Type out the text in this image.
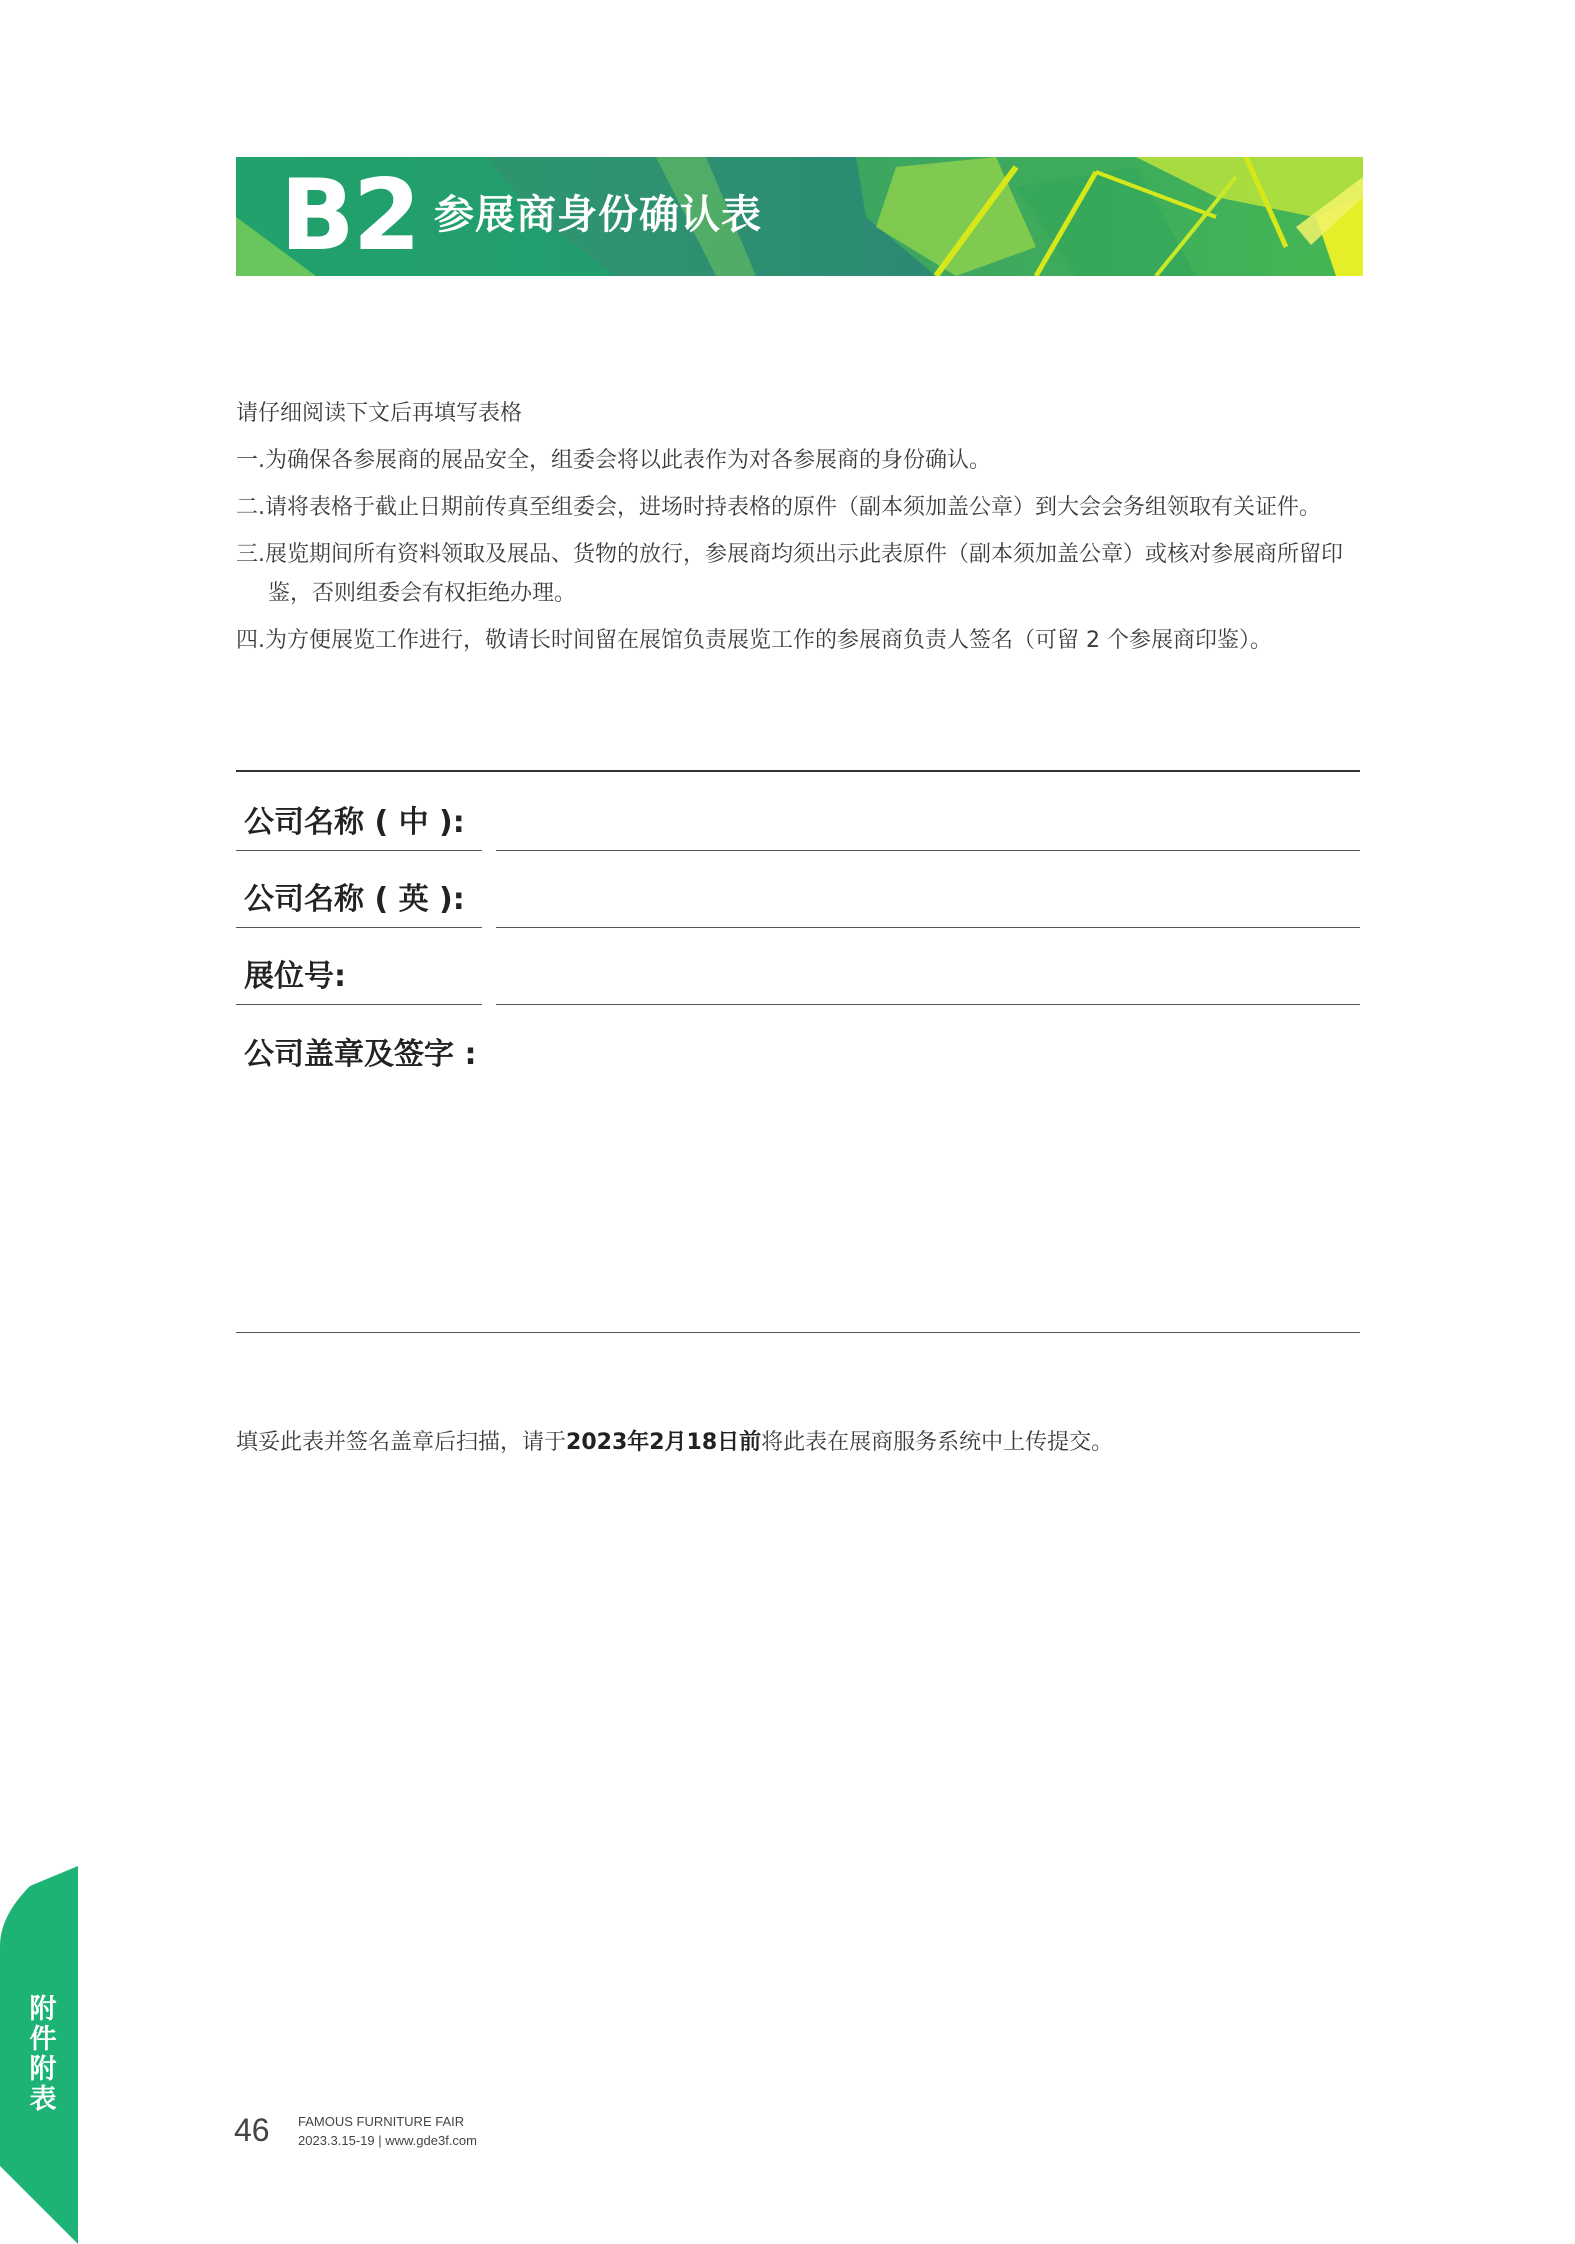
B2 参展商身份确认表

请仔细阅读下文后再填写表格

一.为确保各参展商的展品安全，组委会将以此表作为对各参展商的身份确认。

二.请将表格于截止日期前传真至组委会，进场时持表格的原件（副本须加盖公章）到大会会务组领取有关证件。

三.展览期间所有资料领取及展品、货物的放行，参展商均须出示此表原件（副本须加盖公章）或核对参展商所留印鉴，否则组委会有权拒绝办理。

四.为方便展览工作进行，敬请长时间留在展馆负责展览工作的参展商负责人签名（可留 2 个参展商印鉴）。

公司名称 ( 中 ):
公司名称 ( 英 ):
展位号:
公司盖章及签字 :
填妥此表并签名盖章后扫描，请于2023年2月18日前将此表在展商服务系统中上传提交。
附
件
附
表
46 FAMOUS FURNITURE FAIR
2023.3.15-19 | www.gde3f.com
